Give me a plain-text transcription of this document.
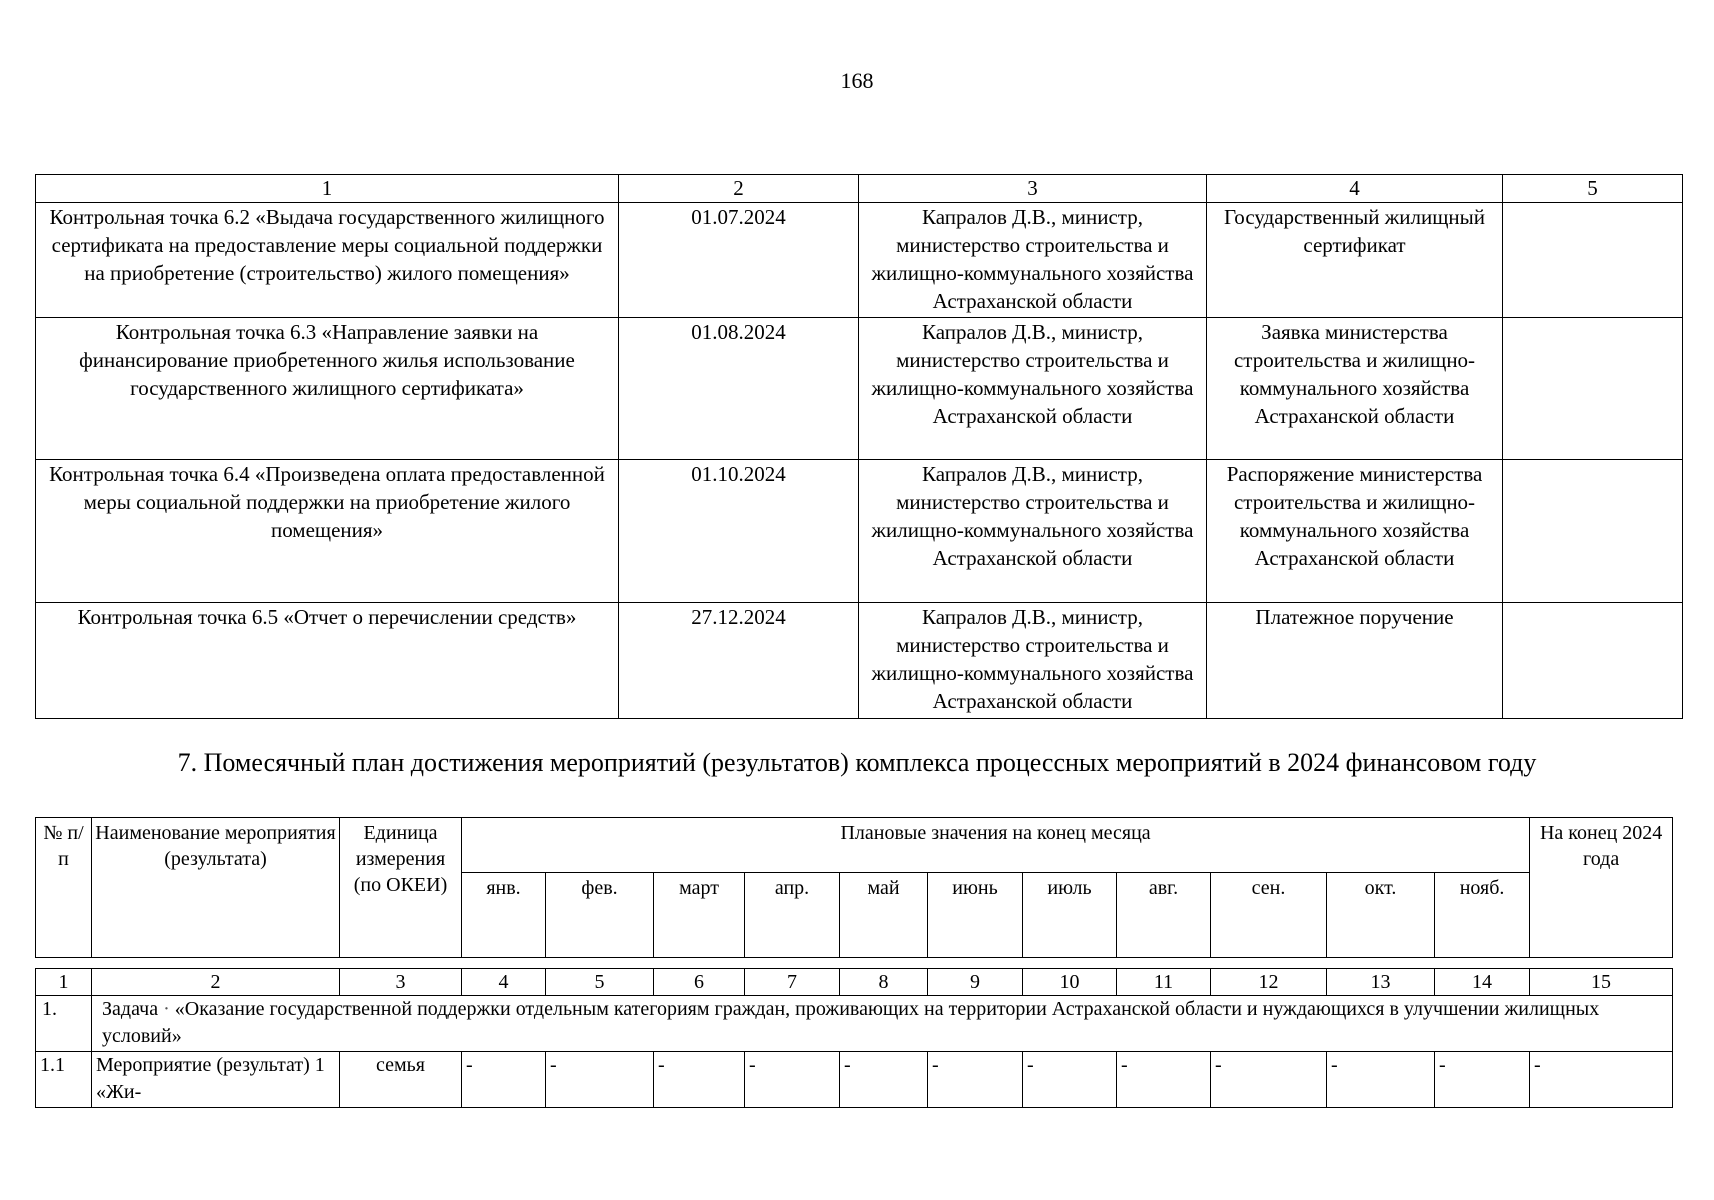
168
1	2	3	4	5
Контрольная точка 6.2 «Выдача государственного жилищного сертификата на предоставление меры социальной поддержки на приобретение (строительство) жилого помещения»	01.07.2024	Капралов Д.В., министр, министерство строительства и жилищно-коммунального хозяйства Астраханской области	Государственный жилищный сертификат	
Контрольная точка 6.3 «Направление заявки на финансирование приобретенного жилья использование государственного жилищного сертификата»	01.08.2024	Капралов Д.В., министр, министерство строительства и жилищно-коммунального хозяйства Астраханской области	Заявка министерства строительства и жилищно-коммунального хозяйства Астраханской области	
Контрольная точка 6.4 «Произведена оплата предоставленной меры социальной поддержки на приобретение жилого помещения»	01.10.2024	Капралов Д.В., министр, министерство строительства и жилищно-коммунального хозяйства Астраханской области	Распоряжение министерства строительства и жилищно-коммунального хозяйства Астраханской области	
Контрольная точка 6.5 «Отчет о перечислении средств»	27.12.2024	Капралов Д.В., министр, министерство строительства и жилищно-коммунального хозяйства Астраханской области	Платежное поручение	
7. Помесячный план достижения мероприятий (результатов) комплекса процессных мероприятий в 2024 финансовом году
№ п/п	Наименование мероприятия (результата)	Единица измерения (по ОКЕИ)	Плановые значения на конец месяца											На конец 2024 года
			янв.	фев.	март	апр.	май	июнь	июль	авг.	сен.	окт.	нояб.	
1	2	3	4	5	6	7	8	9	10	11	12	13	14	15
1.	Задача · «Оказание государственной поддержки отдельным категориям граждан, проживающих на территории Астраханской области и нуждающихся в улучшении жилищных условий»													
1.1	Мероприятие (результат) 1 «Жи-	семья	-	-	-	-	-	-	-	-	-	-	-	-
